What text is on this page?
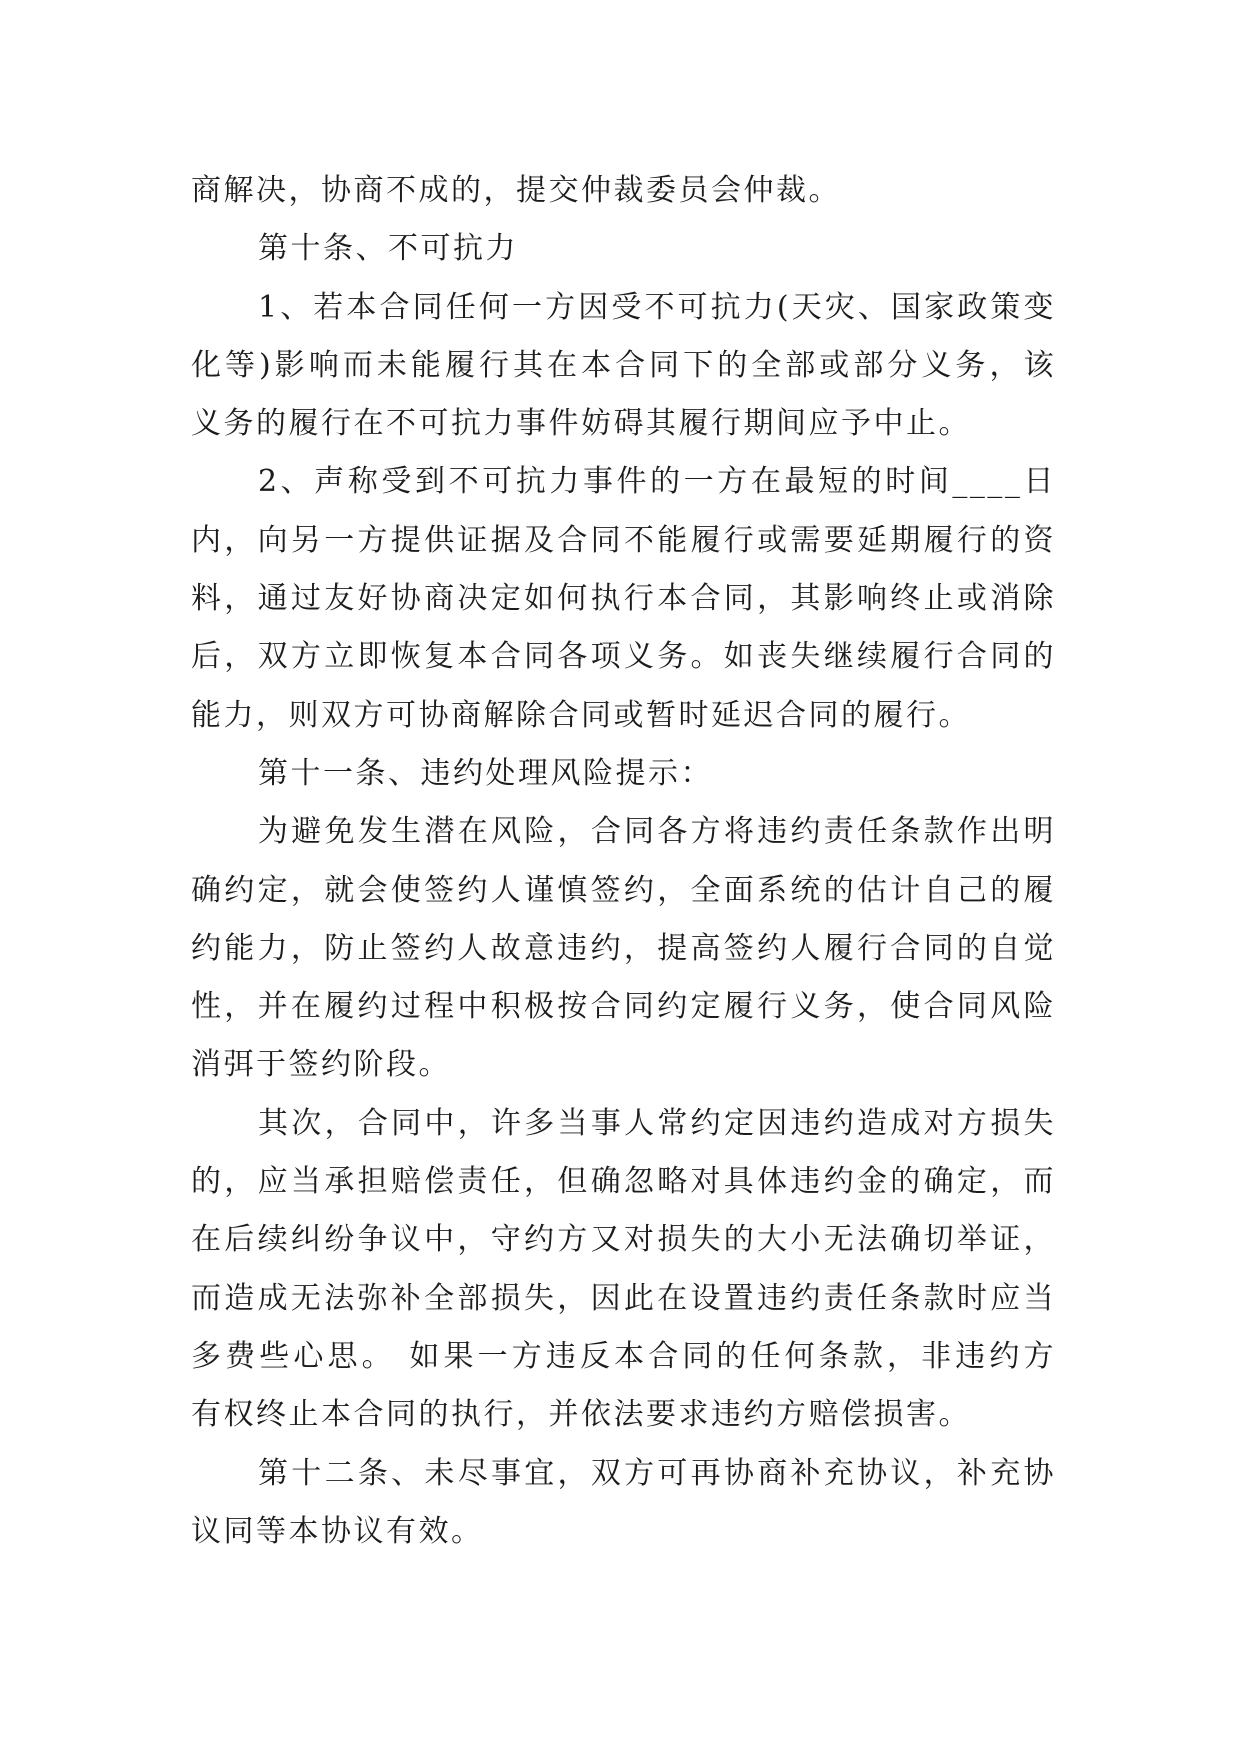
商解决，协商不成的，提交仲裁委员会仲裁。
第十条、不可抗力
1、若本合同任何一方因受不可抗力(天灾、国家政策变
化等)影响而未能履行其在本合同下的全部或部分义务，该
义务的履行在不可抗力事件妨碍其履行期间应予中止。
2、声称受到不可抗力事件的一方在最短的时间____日
内，向另一方提供证据及合同不能履行或需要延期履行的资
料，通过友好协商决定如何执行本合同，其影响终止或消除
后，双方立即恢复本合同各项义务。如丧失继续履行合同的
能力，则双方可协商解除合同或暂时延迟合同的履行。
第十一条、违约处理风险提示：
为避免发生潜在风险，合同各方将违约责任条款作出明
确约定，就会使签约人谨慎签约，全面系统的估计自己的履
约能力，防止签约人故意违约，提高签约人履行合同的自觉
性，并在履约过程中积极按合同约定履行义务，使合同风险
消弭于签约阶段。
其次，合同中，许多当事人常约定因违约造成对方损失
的，应当承担赔偿责任，但确忽略对具体违约金的确定，而
在后续纠纷争议中，守约方又对损失的大小无法确切举证，
而造成无法弥补全部损失，因此在设置违约责任条款时应当
多费些心思。 如果一方违反本合同的任何条款，非违约方
有权终止本合同的执行，并依法要求违约方赔偿损害。
第十二条、未尽事宜，双方可再协商补充协议，补充协
议同等本协议有效。
